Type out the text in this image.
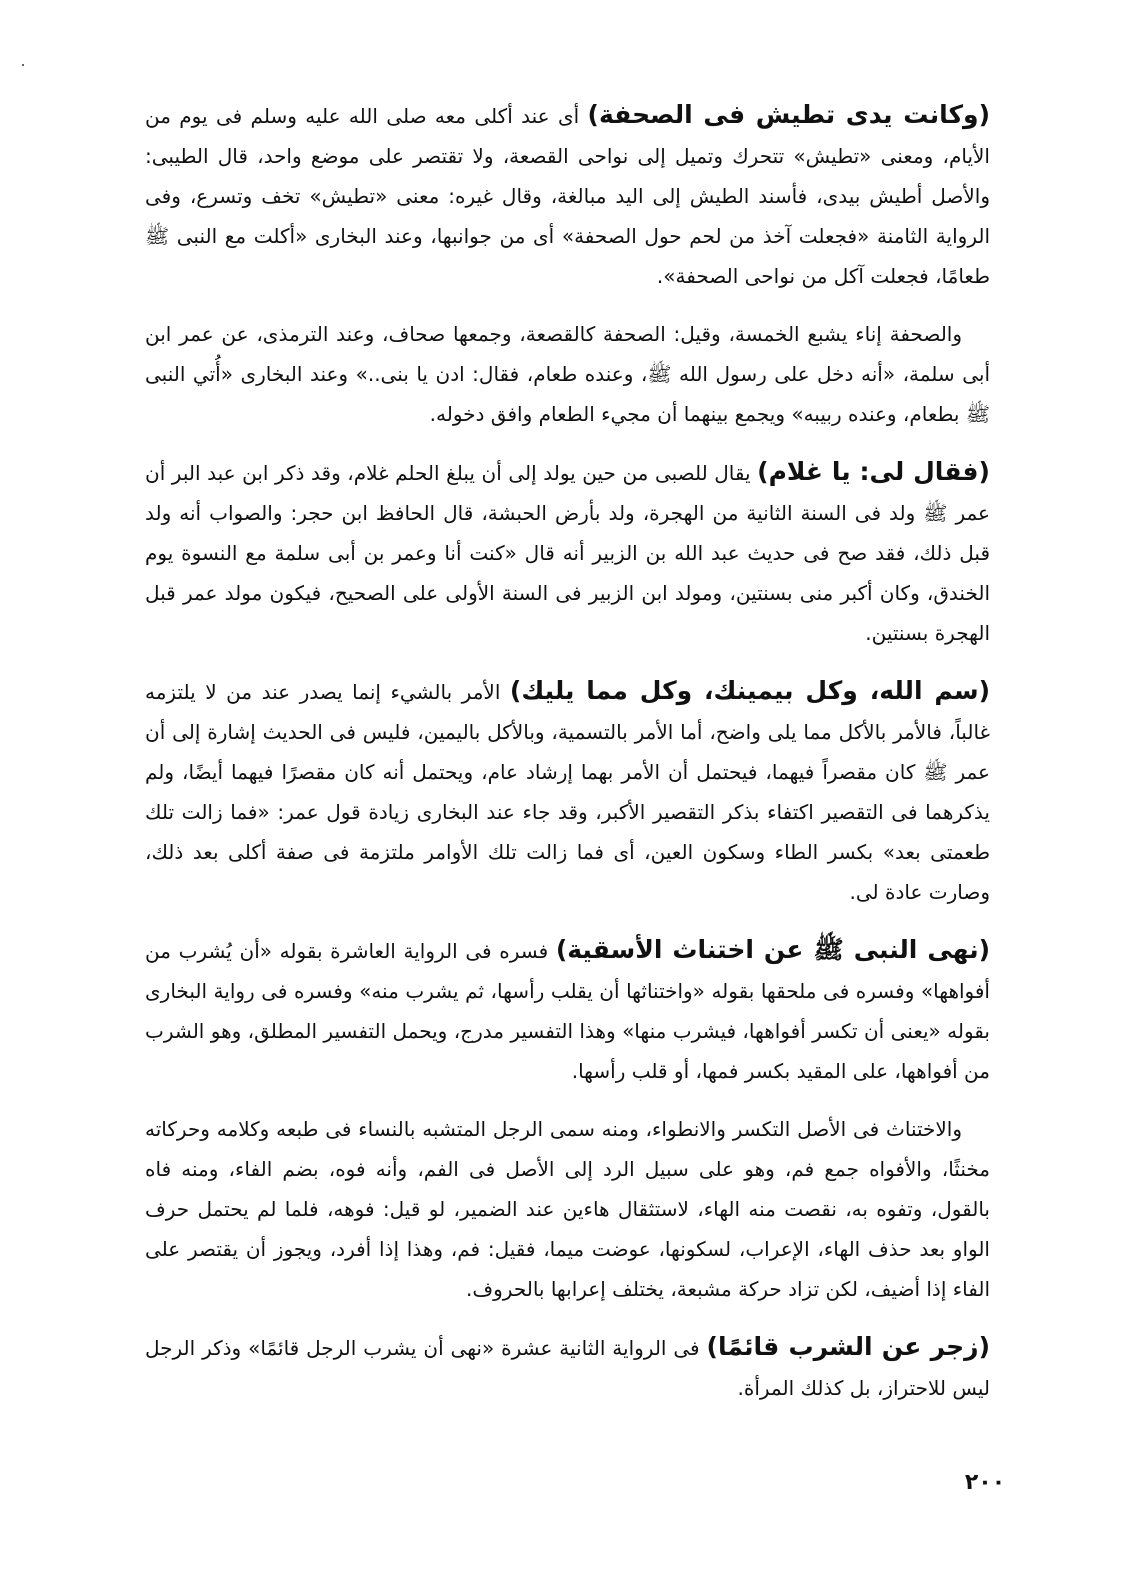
(وكانت يدى تطيش فى الصحفة) أى عند أكلى معه صلى الله عليه وسلم فى يوم من الأيام، ومعنى «تطيش» تتحرك وتميل إلى نواحى القصعة، ولا تقتصر على موضع واحد، قال الطيبى: والأصل أطيش بيدى، فأسند الطيش إلى اليد مبالغة، وقال غيره: معنى «تطيش» تخف وتسرع، وفى الرواية الثامنة «فجعلت آخذ من لحم حول الصحفة» أى من جوانبها، وعند البخارى «أكلت مع النبى ﷺ طعامًا، فجعلت آكل من نواحى الصحفة».

والصحفة إناء يشبع الخمسة، وقيل: الصحفة كالقصعة، وجمعها صحاف، وعند الترمذى، عن عمر ابن أبى سلمة، «أنه دخل على رسول الله ﷺ، وعنده طعام، فقال: ادن يا بنى..» وعند البخارى «أُتي النبى ﷺ بطعام، وعنده ربيبه» ويجمع بينهما أن مجيء الطعام وافق دخوله.

(فقال لى: يا غلام) يقال للصبى من حين يولد إلى أن يبلغ الحلم غلام، وقد ذكر ابن عبد البر أن عمر ﷺ ولد فى السنة الثانية من الهجرة، ولد بأرض الحبشة، قال الحافظ ابن حجر: والصواب أنه ولد قبل ذلك، فقد صح فى حديث عبد الله بن الزبير أنه قال «كنت أنا وعمر بن أبى سلمة مع النسوة يوم الخندق، وكان أكبر منى بسنتين، ومولد ابن الزبير فى السنة الأولى على الصحيح، فيكون مولد عمر قبل الهجرة بسنتين.

(سم الله، وكل بيمينك، وكل مما يليك) الأمر بالشيء إنما يصدر عند من لا يلتزمه غالباً، فالأمر بالأكل مما يلى واضح، أما الأمر بالتسمية، وبالأكل باليمين، فليس فى الحديث إشارة إلى أن عمر ﷺ كان مقصراً فيهما، فيحتمل أن الأمر بهما إرشاد عام، ويحتمل أنه كان مقصرًا فيهما أيضًا، ولم يذكرهما فى التقصير اكتفاء بذكر التقصير الأكبر، وقد جاء عند البخارى زيادة قول عمر: «فما زالت تلك طعمتى بعد» بكسر الطاء وسكون العين، أى فما زالت تلك الأوامر ملتزمة فى صفة أكلى بعد ذلك، وصارت عادة لى.

(نهى النبى ﷺ عن اختناث الأسقية) فسره فى الرواية العاشرة بقوله «أن يُشرب من أفواهها» وفسره فى ملحقها بقوله «واختناثها أن يقلب رأسها، ثم يشرب منه» وفسره فى رواية البخارى بقوله «يعنى أن تكسر أفواهها، فيشرب منها» وهذا التفسير مدرج، ويحمل التفسير المطلق، وهو الشرب من أفواهها، على المقيد بكسر فمها، أو قلب رأسها.

والاختناث فى الأصل التكسر والانطواء، ومنه سمى الرجل المتشبه بالنساء فى طبعه وكلامه وحركاته مخنثًا، والأفواه جمع فم، وهو على سبيل الرد إلى الأصل فى الفم، وأنه فوه، بضم الفاء، ومنه فاه بالقول، وتفوه به، نقصت منه الهاء، لاستثقال هاءين عند الضمير، لو قيل: فوهه، فلما لم يحتمل حرف الواو بعد حذف الهاء، الإعراب، لسكونها، عوضت ميما، فقيل: فم، وهذا إذا أفرد، ويجوز أن يقتصر على الفاء إذا أضيف، لكن تزاد حركة مشبعة، يختلف إعرابها بالحروف.

(زجر عن الشرب قائمًا) فى الرواية الثانية عشرة «نهى أن يشرب الرجل قائمًا» وذكر الرجل ليس للاحتراز، بل كذلك المرأة.

٢٠٠
